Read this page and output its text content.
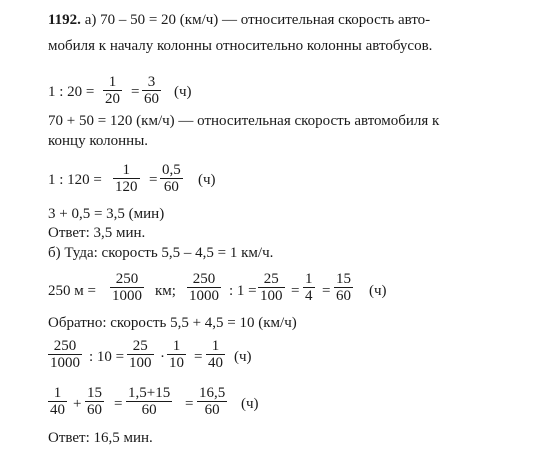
1192. а) 70 – 50 = 20 (км/ч) — относительная скорость авто-
мобиля к началу колонны относительно колонны автобусов.
1 : $20 = \frac{1}{20} = \frac{3}{60} (ч)$
70 + 50 = 120 (км/ч) — относительная скорость автомобиля к
концу колонны.
1 : $120 = \frac{1}{120} = \frac{0,5}{60} (ч)$
3 + 0,5 = 3,5 (мин)
Ответ: 3,5 мин.
б) Туда: скорость 5,5 – 4,5 = 1 км/ч.
250 $м = \frac{250}{1000}$ км; $\frac{250}{1000}$ : $1 = \frac{25}{100} = \frac{1}{4} = \frac{15}{60} (ч)$
Обратно: скорость 5,5 + 4,5 = 10 (км/ч)
$\frac{250}{1000}$ : $10 = \frac{25}{100} \cdot \frac{1}{10} = \frac{1}{40} (ч)$
$\frac{1}{40} + \frac{15}{60} = \frac{1,5+15}{60} = \frac{16,5}{60} (ч)$
Ответ: 16,5 мин.
